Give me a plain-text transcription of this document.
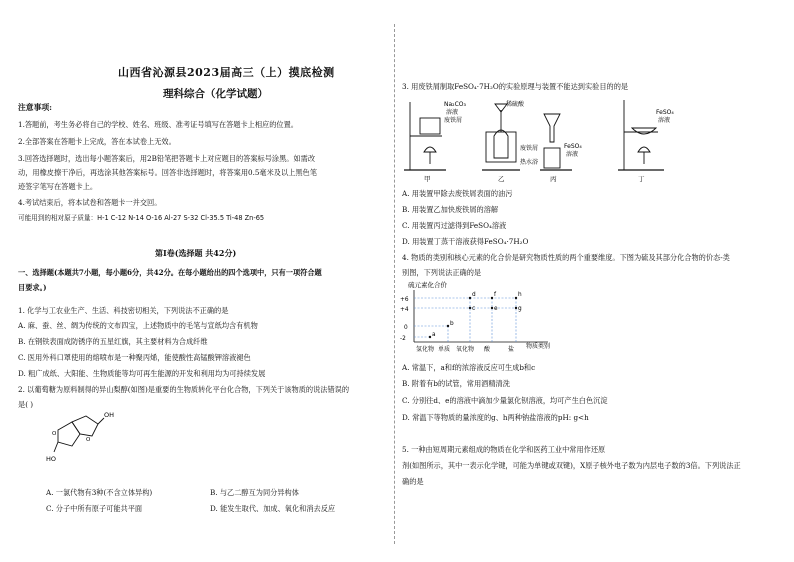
山西省沁源县2023届高三（上）摸底检测
理科综合（化学试题）
注意事项:
1.答题前，考生务必将自己的学校、姓名、班级、准考证号填写在答题卡上相应的位置。
2.全部答案在答题卡上完成，答在本试卷上无效。
3.回答选择题时，选出每小题答案后，用2B铅笔把答题卡上对应题目的答案标号涂黑。如需改
动，用橡皮擦干净后，再选涂其他答案标号。回答非选择题时，将答案用0.5毫米及以上黑色笔
迹签字笔写在答题卡上。
4.考试结束后，将本试卷和答题卡一并交回。
可能用到的相对原子质量：H-1 C-12 N-14 O-16 Al-27 S-32 Cl-35.5 Ti-48 Zn-65
第Ⅰ卷(选择题 共42分)
一、选择题(本题共7小题，每小题6分，共42分。在每小题给出的四个选项中，只有一项符合题
目要求。)
1. 化学与工农业生产、生活、科技密切相关，下列说法不正确的是
A. 麻、蚕、丝、绸为传统的文布四宝，上述物质中的毛笔与宣纸均含有机物
B. 在钢铁表面成防锈序的五星红旗，其主要材料为合成纤维
C. 医用外科口罩使用的熔喷布是一种聚丙烯，能使酸性高锰酸钾溶液褪色
D. 粗广成纸、大阳能、生物质能等均可再生能源的开发和利用均为可持续发展
2. 以葡萄糖为原料制得的异山梨醇(如图)是重要的生物质转化平台化合物，下列关于该物质的说法错误的
是( )
OH
HO
O
O
A. 一氯代物有3种(不含立体异构)	B. 与乙二醇互为同分异构体
C. 分子中所有原子可能共平面	D. 能发生取代、加成、氧化和消去反应
3. 用废铁屑制取FeSO₄·7H₂O的实验原理与装置不能达到实验目的的是
Na₂CO₃
溶液
废铁屑
稀硫酸
废铁屑
热水浴
FeSO₄
溶液
FeSO₄
溶液
甲	乙	丙	丁
A. 用装置甲除去废铁屑表面的油污
B. 用装置乙加快废铁屑的溶解
C. 用装置丙过滤得到FeSO₄溶液
D. 用装置丁蒸干溶液获得FeSO₄·7H₂O
4. 物质的类别和核心元素的化合价是研究物质性质的两个重要维度。下图为硫及其部分化合物的价态-类
别图，下列说法正确的是
硫元素化合价
+6
+4
0
-2
a
b
c
d
e
f
g
h
氢化物 单质 氧化物 酸	盐 物质类别
A. 常温下，a和f的浓溶液反应可生成b和c
B. 附着有b的试管，常用酒精清洗
C. 分别往d、e的溶液中滴加少量氯化钡溶液，均可产生白色沉淀
D. 常温下等物质的量浓度的g、h两种钠盐溶液的pH: g<h
5. 一种由短周期元素组成的物质在化学和医药工业中常用作还原
剂(如图所示，其中一表示化学键，可能为单键或双键)，X原子核外电子数为内层电子数的3倍。下列说法正
确的是
